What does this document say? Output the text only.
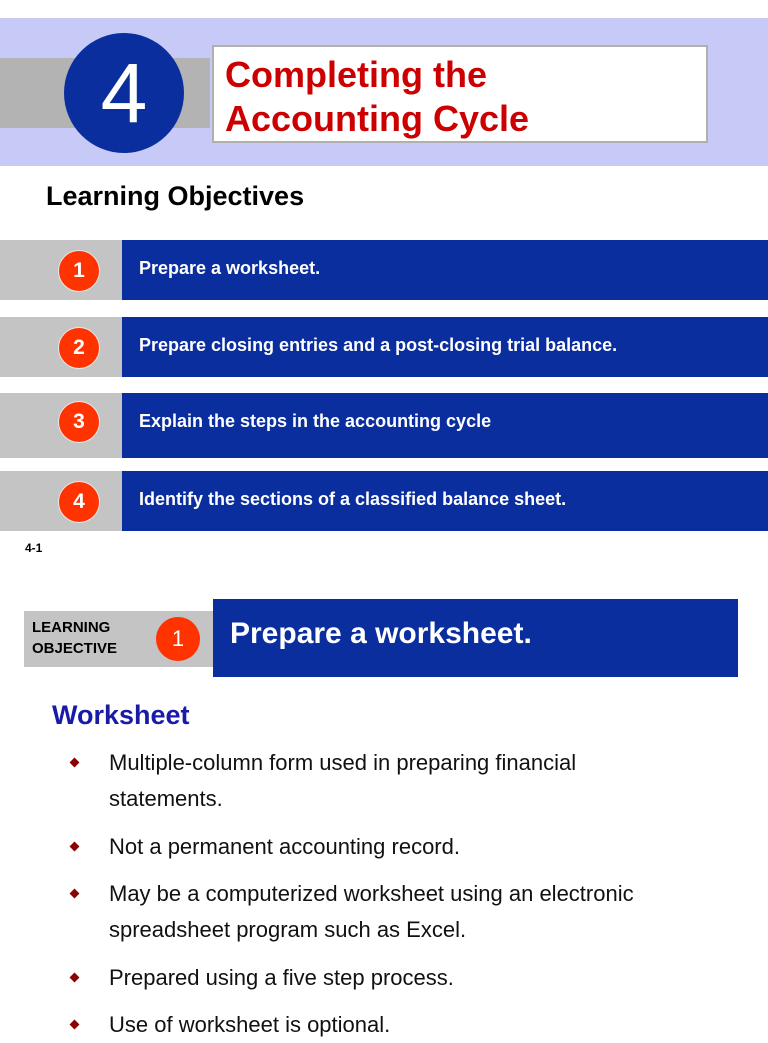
4	Completing the
Accounting Cycle
Learning Objectives
1	Prepare a worksheet.
2	Prepare closing entries and a post-closing trial balance.
3	Explain the steps in the accounting cycle
4	Identify the sections of a classified balance sheet.
4-1
LEARNING
OBJECTIVE	1	Prepare a worksheet.
Worksheet
Multiple-column form used in preparing financial
statements.
Not a permanent accounting record.
May be a computerized worksheet using an electronic
spreadsheet program such as Excel.
Prepared using a five step process.
Use of worksheet is optional.
